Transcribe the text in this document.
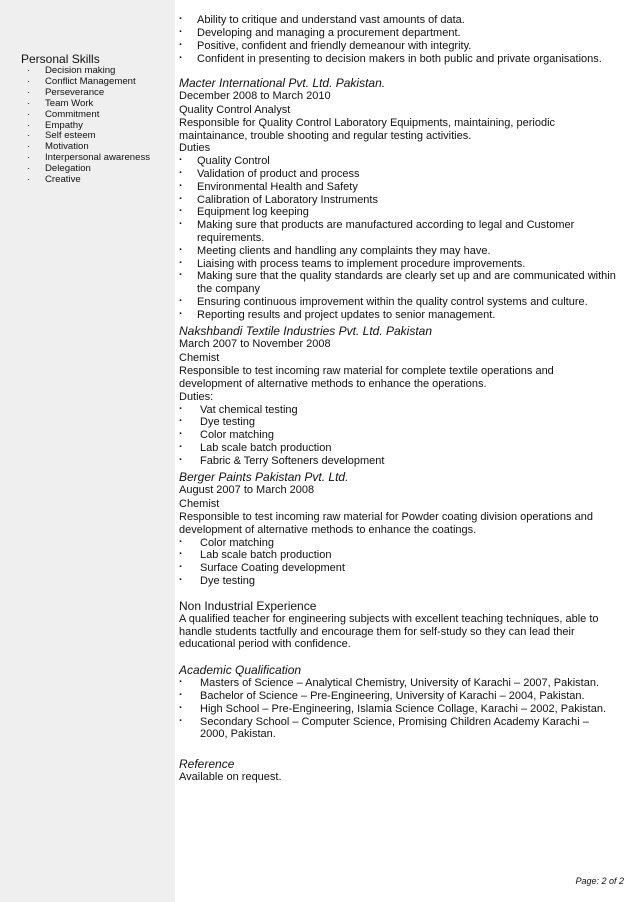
Personal Skills
· Decision making
· Conflict Management
· Perseverance
· Team Work
· Commitment
· Empathy
· Self esteem
· Motivation
· Interpersonal awareness
· Delegation
· Creative
· Ability to critique and understand vast amounts of data.
· Developing and managing a procurement department.
· Positive, confident and friendly demeanour with integrity.
· Confident in presenting to decision makers in both public and private organisations.
Macter International Pvt. Ltd. Pakistan.
December 2008 to March 2010
Quality Control Analyst
Responsible for Quality Control Laboratory Equipments, maintaining, periodic maintainance, trouble shooting and regular testing activities.
Duties
· Quality Control
· Validation of product and process
· Environmental Health and Safety
· Calibration of Laboratory Instruments
· Equipment log keeping
· Making sure that products are manufactured according to legal and Customer requirements.
· Meeting clients and handling any complaints they may have.
· Liaising with process teams to implement procedure improvements.
· Making sure that the quality standards are clearly set up and are communicated within the company
· Ensuring continuous improvement within the quality control systems and culture.
· Reporting results and project updates to senior management.
Nakshbandi Textile Industries Pvt. Ltd. Pakistan
March 2007 to November 2008
Chemist
Responsible to test incoming raw material for complete textile operations and development of alternative methods to enhance the operations.
Duties:
· Vat chemical testing
· Dye testing
· Color matching
· Lab scale batch production
· Fabric & Terry Softeners development
Berger Paints Pakistan Pvt. Ltd.
August 2007 to March 2008
Chemist
Responsible to test incoming raw material for Powder coating division operations and development of alternative methods to enhance the coatings.
· Color matching
· Lab scale batch production
· Surface Coating development
· Dye testing
Non Industrial Experience
A qualified teacher for engineering subjects with excellent teaching techniques, able to handle students tactfully and encourage them for self-study so they can lead their educational period with confidence.
Academic Qualification
· Masters of Science – Analytical Chemistry, University of Karachi – 2007, Pakistan.
· Bachelor of Science – Pre-Engineering, University of Karachi – 2004, Pakistan.
· High School – Pre-Engineering, Islamia Science Collage, Karachi – 2002, Pakistan.
· Secondary School – Computer Science, Promising Children Academy Karachi – 2000, Pakistan.
Reference
Available on request.
Page: 2 of 2
